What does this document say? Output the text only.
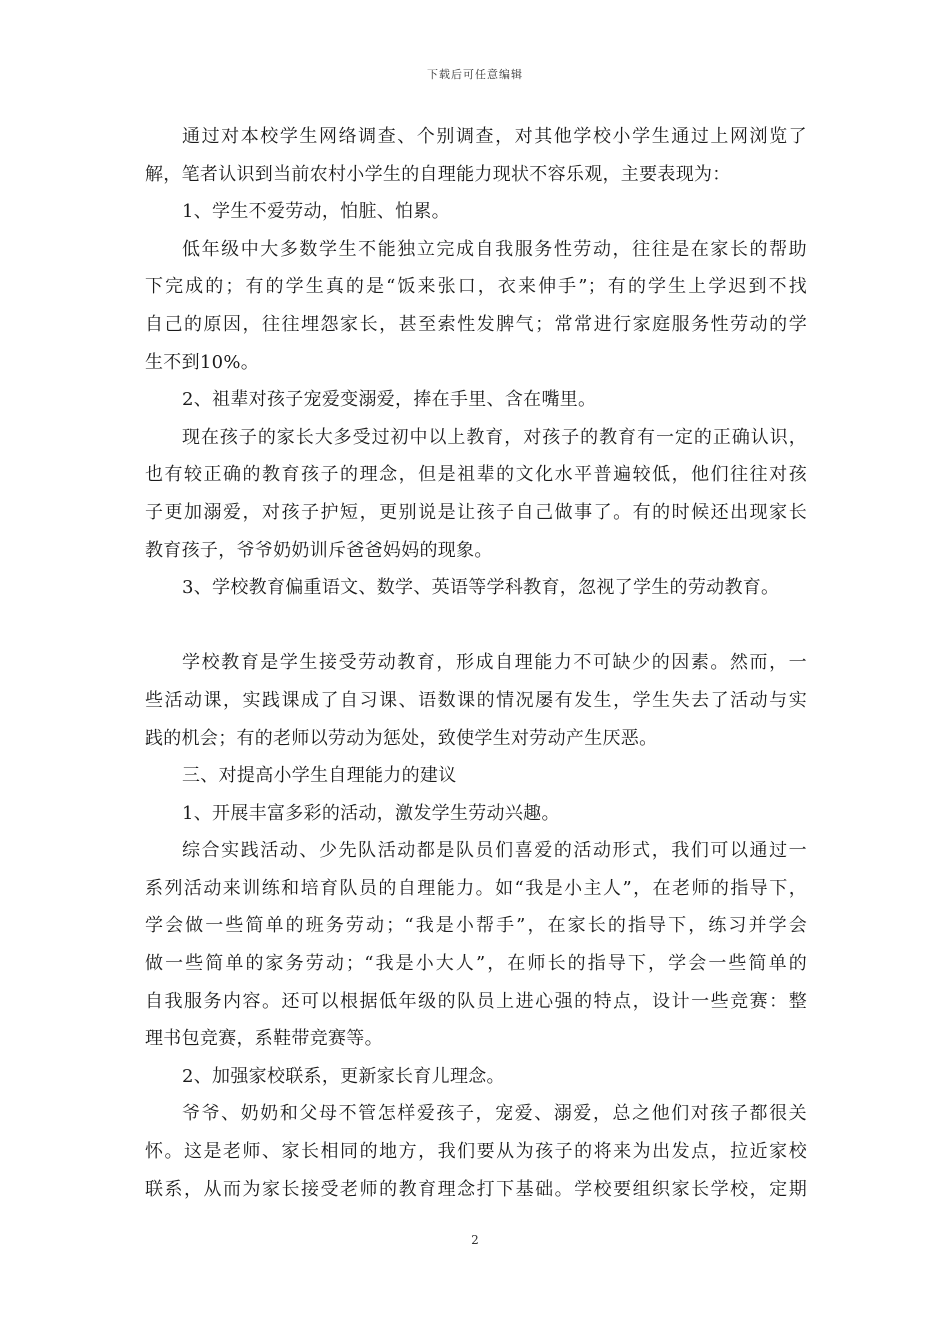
下载后可任意编辑
通过对本校学生网络调查、个别调查，对其他学校小学生通过上网浏览了
解，笔者认识到当前农村小学生的自理能力现状不容乐观，主要表现为：
1、学生不爱劳动，怕脏、怕累。
低年级中大多数学生不能独立完成自我服务性劳动，往往是在家长的帮助
下完成的；有的学生真的是“饭来张口，衣来伸手”；有的学生上学迟到不找
自己的原因，往往埋怨家长，甚至索性发脾气；常常进行家庭服务性劳动的学
生不到10%。
2、祖辈对孩子宠爱变溺爱，捧在手里、含在嘴里。
现在孩子的家长大多受过初中以上教育，对孩子的教育有一定的正确认识，
也有较正确的教育孩子的理念，但是祖辈的文化水平普遍较低，他们往往对孩
子更加溺爱，对孩子护短，更别说是让孩子自己做事了。有的时候还出现家长
教育孩子，爷爷奶奶训斥爸爸妈妈的现象。
3、学校教育偏重语文、数学、英语等学科教育，忽视了学生的劳动教育。
学校教育是学生接受劳动教育，形成自理能力不可缺少的因素。然而，一
些活动课，实践课成了自习课、语数课的情况屡有发生，学生失去了活动与实
践的机会；有的老师以劳动为惩处，致使学生对劳动产生厌恶。
三、对提高小学生自理能力的建议
1、开展丰富多彩的活动，激发学生劳动兴趣。
综合实践活动、少先队活动都是队员们喜爱的活动形式，我们可以通过一
系列活动来训练和培育队员的自理能力。如“我是小主人”，在老师的指导下，
学会做一些简单的班务劳动；“我是小帮手”，在家长的指导下，练习并学会
做一些简单的家务劳动；“我是小大人”，在师长的指导下，学会一些简单的
自我服务内容。还可以根据低年级的队员上进心强的特点，设计一些竞赛：整
理书包竞赛，系鞋带竞赛等。
2、加强家校联系，更新家长育儿理念。
爷爷、奶奶和父母不管怎样爱孩子，宠爱、溺爱，总之他们对孩子都很关
怀。这是老师、家长相同的地方，我们要从为孩子的将来为出发点，拉近家校
联系，从而为家长接受老师的教育理念打下基础。学校要组织家长学校，定期
2
